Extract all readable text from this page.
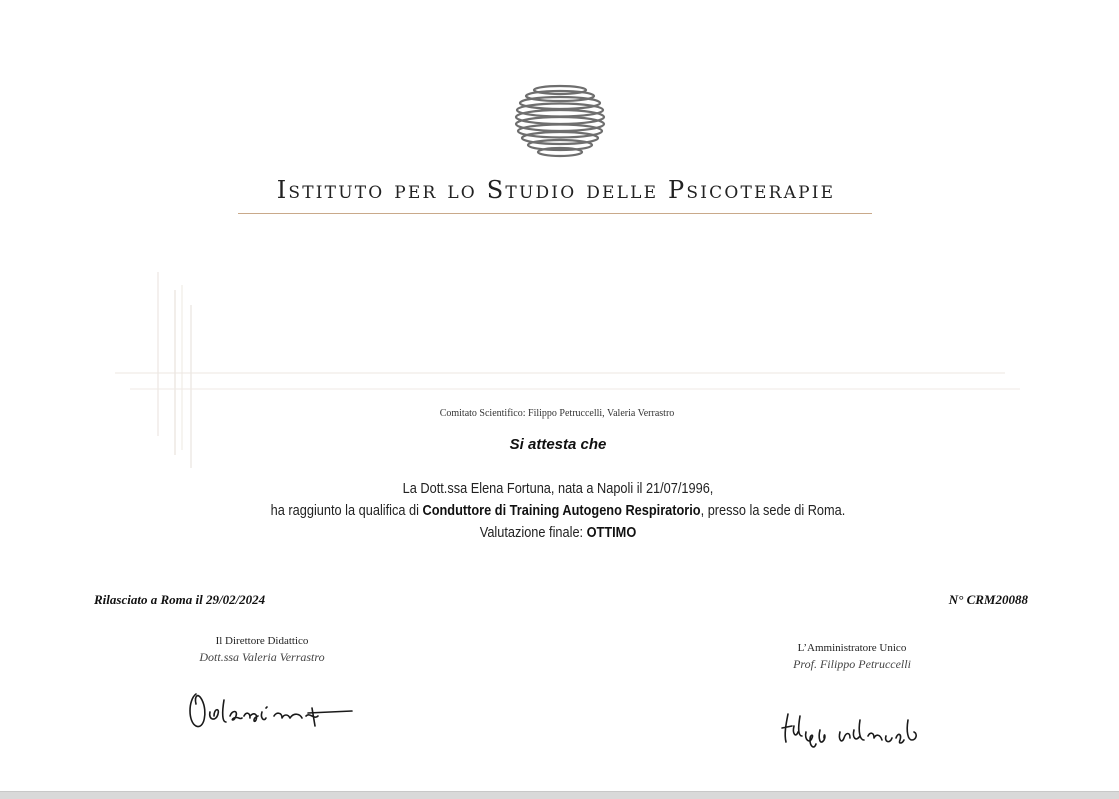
Istituto per lo Studio delle Psicoterapie
Comitato Scientifico: Filippo Petruccelli, Valeria Verrastro
Si attesta che
La Dott.ssa Elena Fortuna, nata a Napoli il 21/07/1996,
ha raggiunto la qualifica di Conduttore di Training Autogeno Respiratorio, presso la sede di Roma.
Valutazione finale: OTTIMO
Rilasciato a Roma il 29/02/2024	N° CRM20088
Il Direttore Didattico
Dott.ssa Valeria Verrastro
L’Amministratore Unico
Prof. Filippo Petruccelli
